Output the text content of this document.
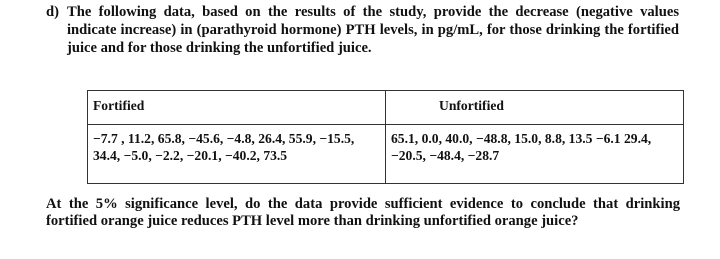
d) The following data, based on the results of the study, provide the decrease (negative values indicate increase) in (parathyroid hormone) PTH levels, in pg/mL, for those drinking the fortified juice and for those drinking the unfortified juice.
Fortified	Unfortified

−7.7 , 11.2, 65.8, −45.6, −4.8, 26.4, 55.9, −15.5, 34.4, −5.0, −2.2, −20.1, −40.2, 73.5	65.1, 0.0, 40.0, −48.8, 15.0, 8.8, 13.5 −6.1 29.4, −20.5, −48.4, −28.7
At the 5% significance level, do the data provide sufficient evidence to conclude that drinking fortified orange juice reduces PTH level more than drinking unfortified orange juice?
